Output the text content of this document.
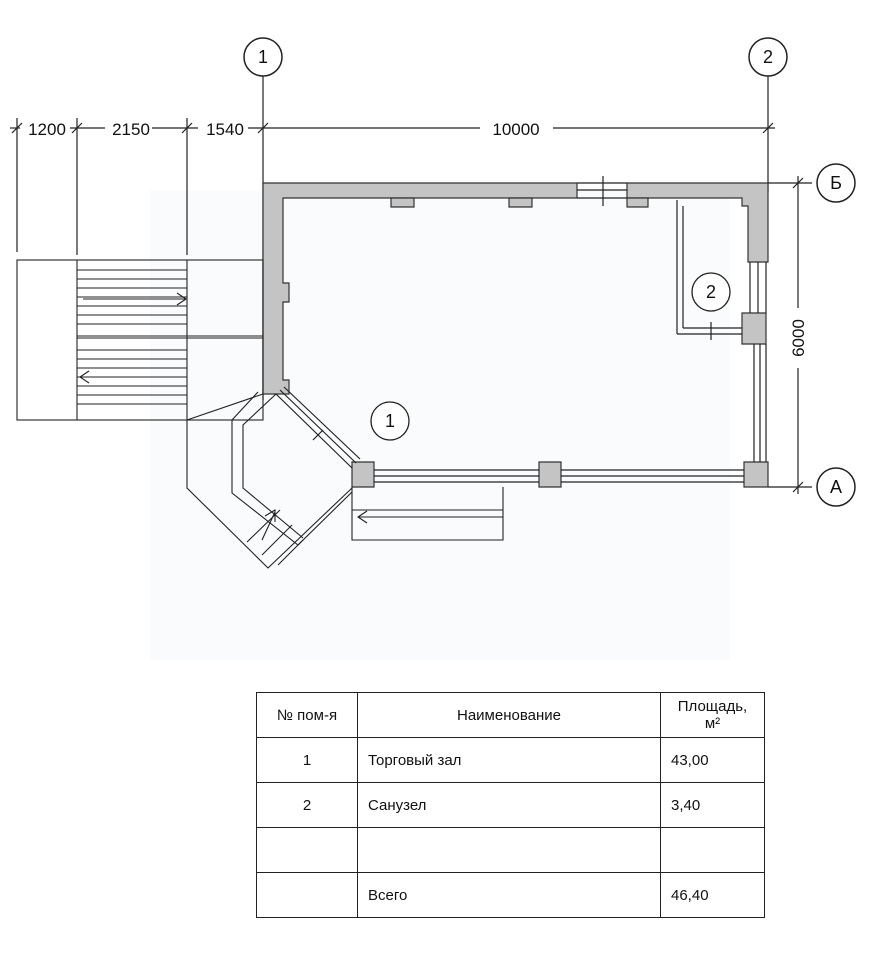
1	2
Б
А
1200	2150	1540	10000
6000
1
2
№ пом-я	Наименование	Площадь,
м²
1	Торговый зал	43,00
2	Санузел	3,40

	Всего	46,40
